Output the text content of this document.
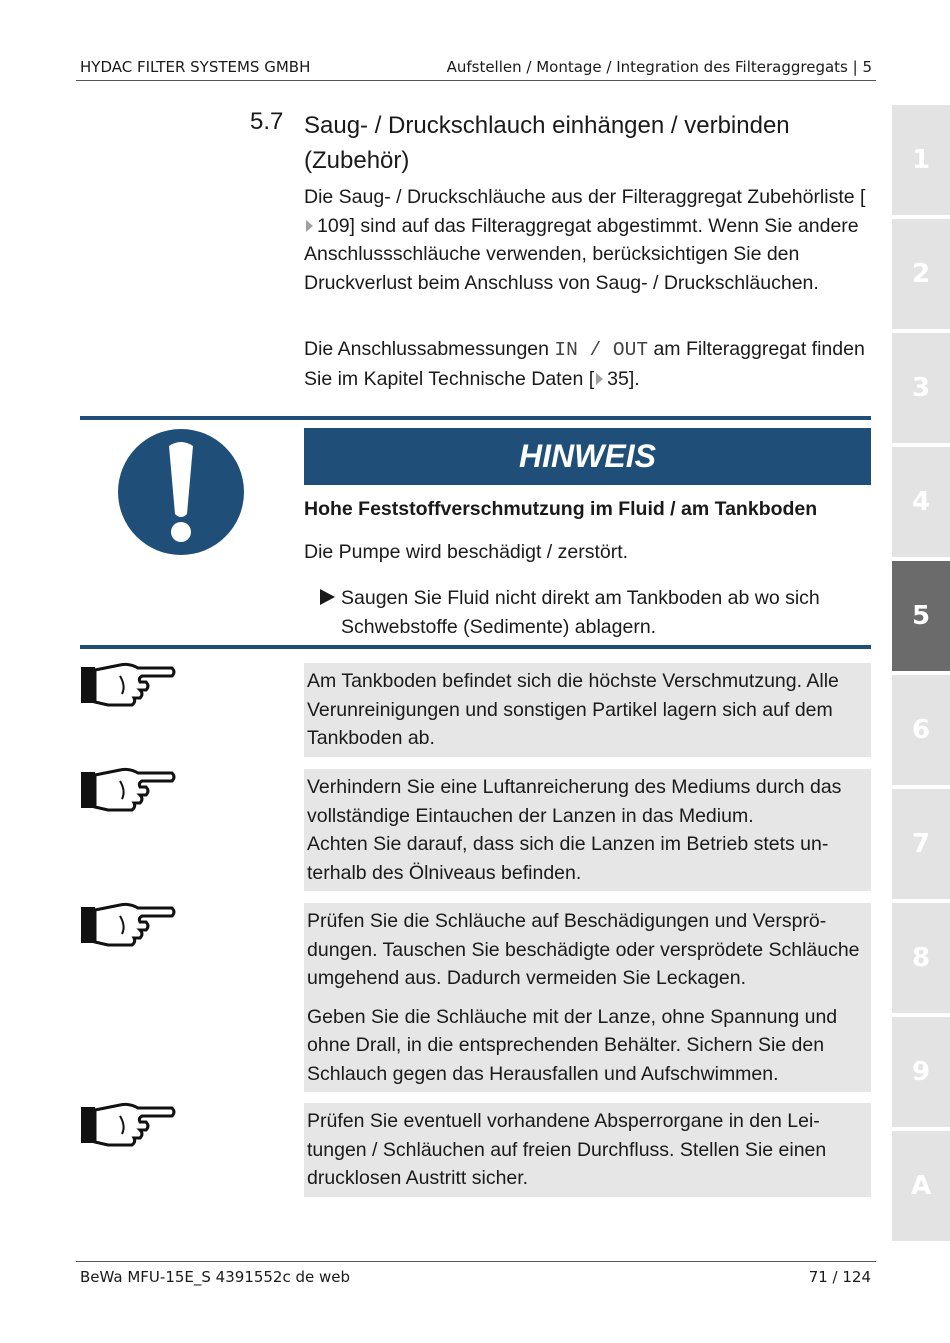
HYDAC FILTER SYSTEMS GMBH	Aufstellen / Montage / Integration des Filteraggregats | 5
1
2
3
4
5
6
7
8
9
A
5.7 Saug- / Druckschlauch einhängen / verbinden (Zubehör)
Die Saug- / Druckschläuche aus der Filteraggregat Zubehörliste [109] sind auf das Filteraggregat abgestimmt. Wenn Sie andere Anschlussschläuche verwenden, berücksichtigen Sie den Druckverlust beim Anschluss von Saug- / Druckschläuchen.
Die Anschlussabmessungen IN / OUT am Filteraggregat finden Sie im Kapitel Technische Daten [ 35].
HINWEIS
Hohe Feststoffverschmutzung im Fluid / am Tankboden
Die Pumpe wird beschädigt / zerstört.
Saugen Sie Fluid nicht direkt am Tankboden ab wo sich Schwebstoffe (Sedimente) ablagern.

Am Tankboden befindet sich die höchste Verschmutzung. Alle Verunreinigungen und sonstigen Partikel lagern sich auf dem Tankboden ab.

Verhindern Sie eine Luftanreicherung des Mediums durch das vollständige Eintauchen der Lanzen in das Medium.

Achten Sie darauf, dass sich die Lanzen im Betrieb stets unterhalb des Ölniveaus befinden.

Prüfen Sie die Schläuche auf Beschädigungen und Versprödungen. Tauschen Sie beschädigte oder versprödete Schläuche umgehend aus. Dadurch vermeiden Sie Leckagen.

Geben Sie die Schläuche mit der Lanze, ohne Spannung und ohne Drall, in die entsprechenden Behälter. Sichern Sie den Schlauch gegen das Herausfallen und Aufschwimmen.

Prüfen Sie eventuell vorhandene Absperrorgane in den Leitungen / Schläuchen auf freien Durchfluss. Stellen Sie einen drucklosen Austritt sicher.

BeWa MFU-15E_S 4391552c de web	71 / 124
